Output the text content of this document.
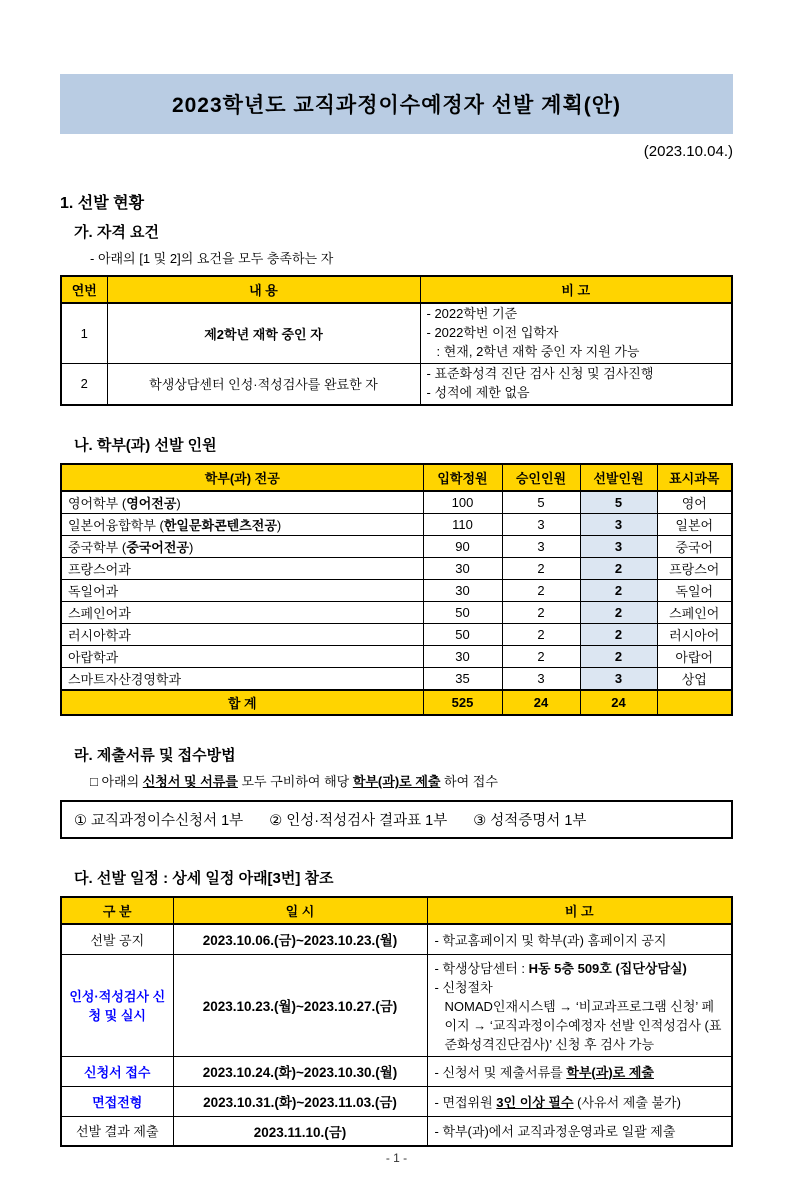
2023학년도 교직과정이수예정자 선발 계획(안)
(2023.10.04.)
1. 선발 현황
가. 자격 요건
- 아래의 [1 및 2]의 요건을 모두 충족하는 자
연번	내 용	비 고
1	제2학년 재학 중인 자	- 2022학번 기준
- 2022학번 이전 입학자
: 현재, 2학년 재학 중인 자 지원 가능

2	학생상담센터 인성·적성검사를 완료한 자	- 표준화성격 진단 검사 신청 및 검사진행
- 성적에 제한 없음
나. 학부(과) 선발 인원
학부(과) 전공	입학정원	승인인원	선발인원	표시과목
영어학부 (영어전공)	100	5	5	영어
일본어융합학부 (한일문화콘텐츠전공)	110	3	3	일본어
중국학부 (중국어전공)	90	3	3	중국어
프랑스어과	30	2	2	프랑스어
독일어과	30	2	2	독일어
스페인어과	50	2	2	스페인어
러시아학과	50	2	2	러시아어
아랍학과	30	2	2	아랍어
스마트자산경영학과	35	3	3	상업
합 계	525	24	24	
라. 제출서류 및 접수방법
□ 아래의 신청서 및 서류를 모두 구비하여 해당 학부(과)로 제출 하여 접수
① 교직과정이수신청서 1부 ② 인성·적성검사 결과표 1부 ③ 성적증명서 1부
다. 선발 일정 : 상세 일정 아래[3번] 참조
구 분	일 시	비 고
선발 공지	2023.10.06.(금)~2023.10.23.(월)	- 학교홈페이지 및 학부(과) 홈페이지 공지
인성·적성검사 신청 및 실시	2023.10.23.(월)~2023.10.27.(금)	- 학생상담센터 : H동 5층 509호 (집단상담실)
- 신청절차
NOMAD인재시스템 → ‘비교과프로그램 신청’ 페이지 → ‘교직과정이수예정자 선발 인적성검사 (표준화성격진단검사)’ 신청 후 검사 가능

신청서 접수	2023.10.24.(화)~2023.10.30.(월)	- 신청서 및 제출서류를 학부(과)로 제출
면접전형	2023.10.31.(화)~2023.11.03.(금)	- 면접위원 3인 이상 필수 (사유서 제출 불가)
선발 결과 제출	2023.11.10.(금)	- 학부(과)에서 교직과정운영과로 일괄 제출
- 1 -
